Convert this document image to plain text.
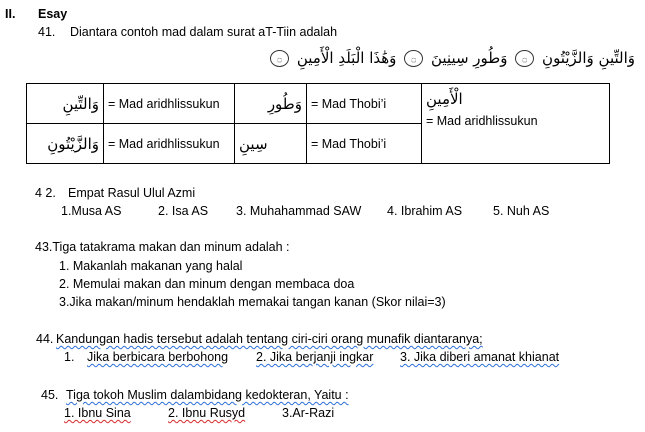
II. Esay
41. Diantara contoh mad dalam surat aT-Tiin adalah
وَالتِّينِ وَالزَّيْتُونِ ۝ وَطُورِ سِينِينَ ۝ وَهَٰذَا الْبَلَدِ الْأَمِينِ ۝
وَالتِّينِ	= Mad aridhlissukun	وَطُورِ	= Mad Thobi’i	الْأَمِينِ
= Mad aridhlissukun

وَالزَّيْتُونِ	= Mad aridhlissukun	سِينِ	= Mad Thobi’i	
4 2. Empat Rasul Ulul Azmi
1.Musa AS	2. Isa AS 3. Muhahammad SAW 4. Ibrahim AS 5. Nuh AS
43.Tiga tatakrama makan dan minum adalah :
1. Makanlah makanan yang halal
2. Memulai makan dan minum dengan membaca doa
3.Jika makan/minum hendaklah memakai tangan kanan (Skor nilai=3)
44. Kandungan hadis tersebut adalah tentang ciri-ciri orang munafik diantaranya;
1. Jika berbicara berbohong 2. Jika berjanji ingkar 3. Jika diberi amanat khianat
45. Tiga tokoh Muslim dalambidang kedokteran, Yaitu :
1. Ibnu Sina	2. Ibnu Rusyd	3.Ar-Razi
